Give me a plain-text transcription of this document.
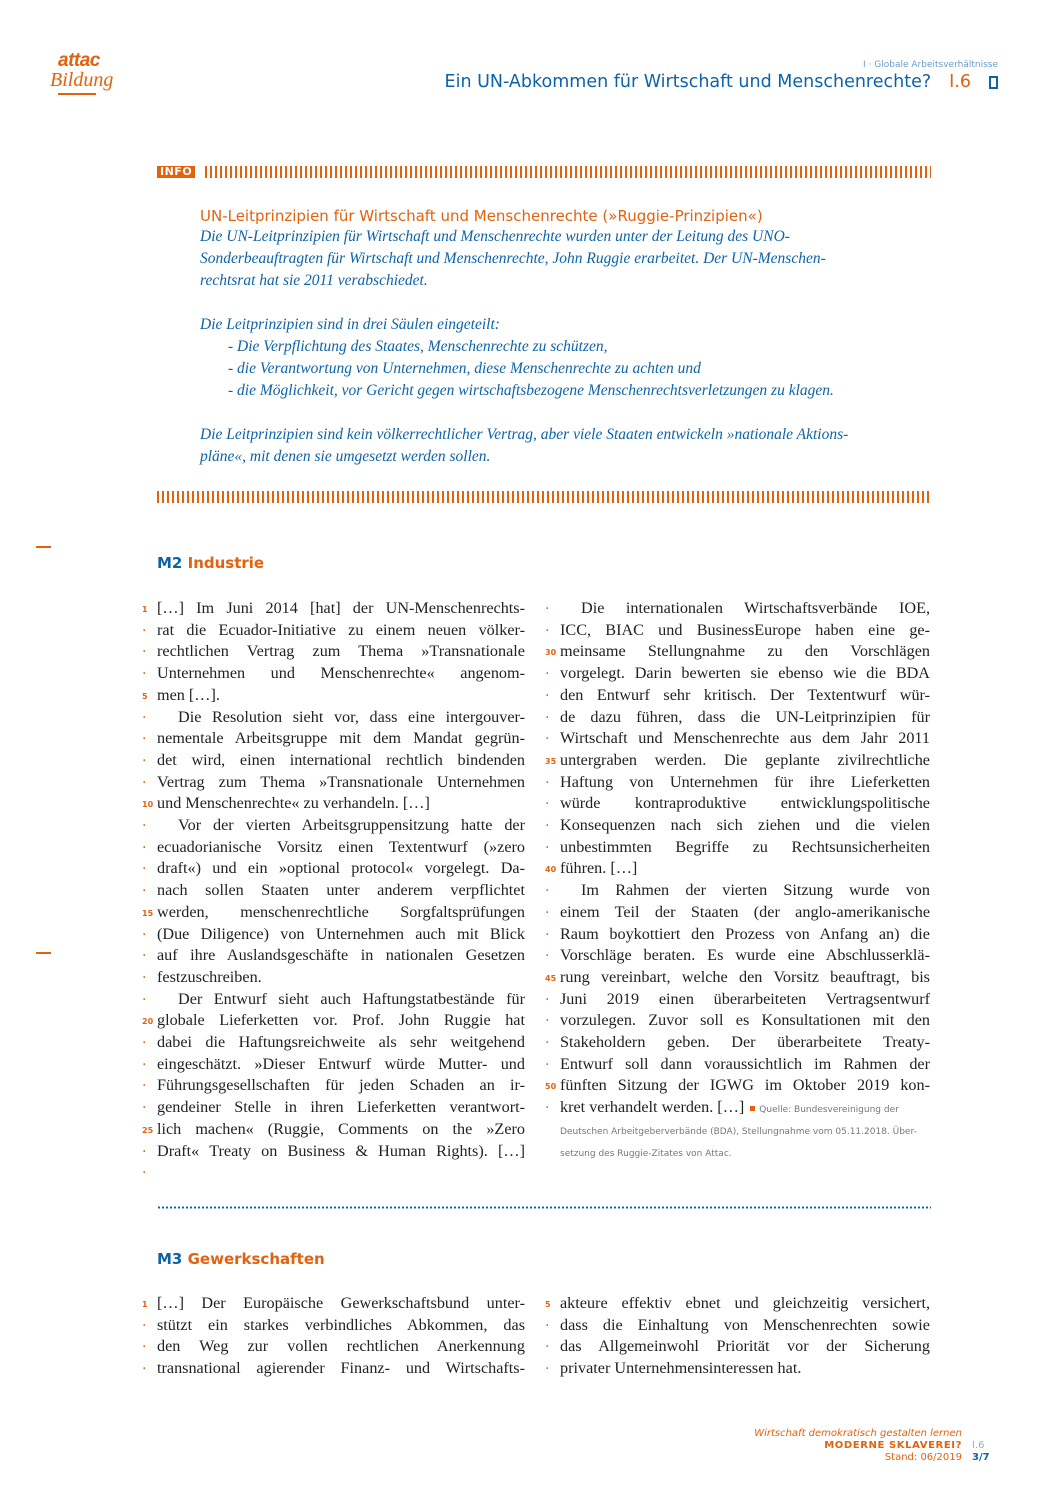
attac
Bildung
I · Globale Arbeitsverhältnisse
Ein UN-Abkommen für Wirtschaft und Menschenrechte? I.6
INFO
UN-Leitprinzipien für Wirtschaft und Menschenrechte (»Ruggie-Prinzipien«)

Die UN-Leitprinzipien für Wirtschaft und Menschenrechte wurden unter der Leitung des UNO-

Sonderbeauftragten für Wirtschaft und Menschenrechte, John Ruggie erarbeitet. Der UN-Menschen-

rechtsrat hat sie 2011 verabschiedet.

Die Leitprinzipien sind in drei Säulen eingeteilt:

- Die Verpflichtung des Staates, Menschenrechte zu schützen,

- die Verantwortung von Unternehmen, diese Menschenrechte zu achten und

- die Möglichkeit, vor Gericht gegen wirtschaftsbezogene Menschenrechtsverletzungen zu klagen.

Die Leitprinzipien sind kein völkerrechtlicher Vertrag, aber viele Staaten entwickeln »nationale Aktions-

pläne«, mit denen sie umgesetzt werden sollen.

M2 Industrie
1 […] Im Juni 2014 [hat] der UN-Menschenrechts-
. rat die Ecuador-Initiative zu einem neuen völker-
. rechtlichen Vertrag zum Thema »Transnationale
. Unternehmen und Menschenrechte« angenom-
5 men […].
.	Die Resolution sieht vor, dass eine intergouver-
. nementale Arbeitsgruppe mit dem Mandat gegrün-
. det wird, einen international rechtlich bindenden
. Vertrag zum Thema »Transnationale Unternehmen
10 und Menschenrechte« zu verhandeln. […]
.	Vor der vierten Arbeitsgruppensitzung hatte der
. ecuadorianische Vorsitz einen Textentwurf (»zero
. draft«) und ein »optional protocol« vorgelegt. Da-
. nach sollen Staaten unter anderem verpflichtet
15 werden, menschenrechtliche Sorgfaltsprüfungen
. (Due Diligence) von Unternehmen auch mit Blick
. auf ihre Auslandsgeschäfte in nationalen Gesetzen
. festzuschreiben.
.	Der Entwurf sieht auch Haftungstatbestände für
20 globale Lieferketten vor. Prof. John Ruggie hat
. dabei die Haftungsreichweite als sehr weitgehend
. eingeschätzt. »Dieser Entwurf würde Mutter- und
. Führungsgesellschaften für jeden Schaden an ir-
. gendeiner Stelle in ihren Lieferketten verantwort-
25 lich machen« (Ruggie, Comments on the »Zero
. Draft« Treaty on Business & Human Rights). […]
.

.	Die internationalen Wirtschaftsverbände IOE,
. ICC, BIAC und BusinessEurope haben eine ge-
30 meinsame Stellungnahme zu den Vorschlägen
. vorgelegt. Darin bewerten sie ebenso wie die BDA
. den Entwurf sehr kritisch. Der Textentwurf wür-
. de dazu führen, dass die UN-Leitprinzipien für
. Wirtschaft und Menschenrechte aus dem Jahr 2011
35 untergraben werden. Die geplante zivilrechtliche
. Haftung von Unternehmen für ihre Lieferketten
. würde kontraproduktive entwicklungspolitische
. Konsequenzen nach sich ziehen und die vielen
. unbestimmten Begriffe zu Rechtsunsicherheiten
40 führen. […]
.	Im Rahmen der vierten Sitzung wurde von
. einem Teil der Staaten (der anglo-amerikanische
. Raum boykottiert den Prozess von Anfang an) die
. Vorschläge beraten. Es wurde eine Abschlusserklä-
45 rung vereinbart, welche den Vorsitz beauftragt, bis
. Juni 2019 einen überarbeiteten Vertragsentwurf
. vorzulegen. Zuvor soll es Konsultationen mit den
. Stakeholdern geben. Der überarbeitete Treaty-
. Entwurf soll dann voraussichtlich im Rahmen der
50 fünften Sitzung der IGWG im Oktober 2019 kon-
. kret verhandelt werden. […] Quelle: Bundesvereinigung der
Deutschen Arbeitgeberverbände (BDA), Stellungnahme vom 05.11.2018. Über-
setzung des Ruggie-Zitates von Attac.
M3 Gewerkschaften
1 […] Der Europäische Gewerkschaftsbund unter-
. stützt ein starkes verbindliches Abkommen, das
. den Weg zur vollen rechtlichen Anerkennung
. transnational agierender Finanz- und Wirtschafts-
5 akteure effektiv ebnet und gleichzeitig versichert,
. dass die Einhaltung von Menschenrechten sowie
. das Allgemeinwohl Priorität vor der Sicherung
. privater Unternehmensinteressen hat.
Wirtschaft demokratisch gestalten lernen
MODERNE SKLAVEREI?	I.6
Stand: 06/2019	3/7
